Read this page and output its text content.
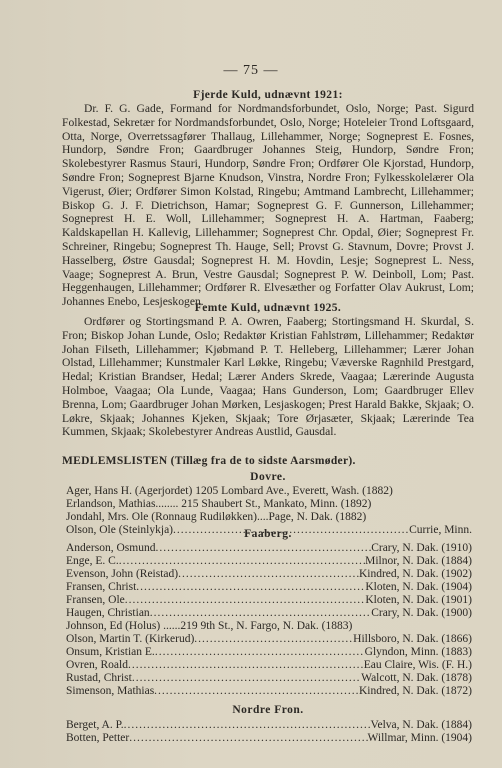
— 75 —
Fjerde Kuld, udnævnt 1921:

Dr. F. G. Gade, Formand for Nordmandsforbundet, Oslo, Norge; Past. Sigurd Folkestad, Sekretær for Nordmandsforbundet, Oslo, Norge; Hoteleier Trond Loftsgaard, Otta, Norge, Overretssagfører Thallaug, Lillehammer, Norge; Sogneprest E. Fosnes, Hundorp, Søndre Fron; Gaardbruger Johannes Steig, Hundorp, Søndre Fron; Skolebestyrer Rasmus Stauri, Hundorp, Søndre Fron; Ordfører Ole Kjorstad, Hundorp, Søndre Fron; Sogneprest Bjarne Knudson, Vinstra, Nordre Fron; Fylkesskolelærer Ola Vigerust, Øier; Ordfører Simon Kolstad, Ringebu; Amtmand Lambrecht, Lillehammer; Biskop G. J. F. Dietrichson, Hamar; Sogneprest G. F. Gunnerson, Lillehammer; Sogneprest H. E. Woll, Lillehammer; Sogneprest H. A. Hartman, Faaberg; Kaldskapellan H. Kallevig, Lillehammer; Sogneprest Chr. Opdal, Øier; Sogneprest Fr. Schreiner, Ringebu; Sogneprest Th. Hauge, Sell; Provst G. Stavnum, Dovre; Provst J. Hasselberg, Østre Gausdal; Sogneprest H. M. Hovdin, Lesje; Sogneprest L. Ness, Vaage; Sogneprest A. Brun, Vestre Gausdal; Sogneprest P. W. Deinboll, Lom; Past. Heggenhaugen, Lillehammer; Ordfører R. Elvesæther og Forfatter Olav Aukrust, Lom; Johannes Enebo, Lesjeskogen.

Femte Kuld, udnævnt 1925.

Ordfører og Stortingsmand P. A. Owren, Faaberg; Stortingsmand H. Skurdal, S. Fron; Biskop Johan Lunde, Oslo; Redaktør Kristian Fahlstrøm, Lillehammer; Redaktør Johan Filseth, Lillehammer; Kjøbmand P. T. Helleberg, Lillehammer; Lærer Johan Olstad, Lillehammer; Kunstmaler Karl Løkke, Ringebu; Væverske Ragnhild Prestgard, Hedal; Kristian Brandser, Hedal; Lærer Anders Skrede, Vaagaa; Lærerinde Augusta Holmboe, Vaagaa; Ola Lunde, Vaagaa; Hans Gunderson, Lom; Gaardbruger Ellev Brenna, Lom; Gaardbruger Johan Mørken, Lesjaskogen; Prest Harald Bakke, Skjaak; O. Løkre, Skjaak; Johannes Kjeken, Skjaak; Tore Ørjasæter, Skjaak; Lærerinde Tea Kummen, Skjaak; Skolebestyrer Andreas Austlid, Gausdal.

MEDLEMSLISTEN (Tillæg fra de to sidste Aarsmøder).
Dovre.
Ager, Hans H. (Agerjordet) 1205 Lombard Ave., Everett, Wash. (1882)
Erlandson, Mathias........ 215 Shaubert St., Mankato, Minn. (1892)
Jondahl, Mrs. Ole (Ronnaug Rudiløkken)....Page, N. Dak. (1882)
Olson, Ole (Steinlykja) .....	Currie, Minn.
Faaberg.
Anderson, Osmund .....	Crary, N. Dak. (1910)
Enge, E. C. .....	Milnor, N. Dak. (1884)
Evenson, John (Reistad) .....	Kindred, N. Dak. (1902)
Fransen, Christ .....	Kloten, N. Dak. (1904)
Fransen, Ole .....	Kloten, N. Dak. (1901)
Haugen, Christian .....	Crary, N. Dak. (1900)
Johnson, Ed (Holus) ......219 9th St., N. Fargo, N. Dak. (1883)
Olson, Martin T. (Kirkerud) .....	Hillsboro, N. Dak. (1866)
Onsum, Kristian E. .....	Glyndon, Minn. (1883)
Ovren, Roald .....	Eau Claire, Wis. (F. H.)
Rustad, Christ .....	Walcott, N. Dak. (1878)
Simenson, Mathias .....	Kindred, N. Dak. (1872)
Nordre Fron.
Berget, A. P. .....	Velva, N. Dak. (1884)
Botten, Petter .....	Willmar, Minn. (1904)
